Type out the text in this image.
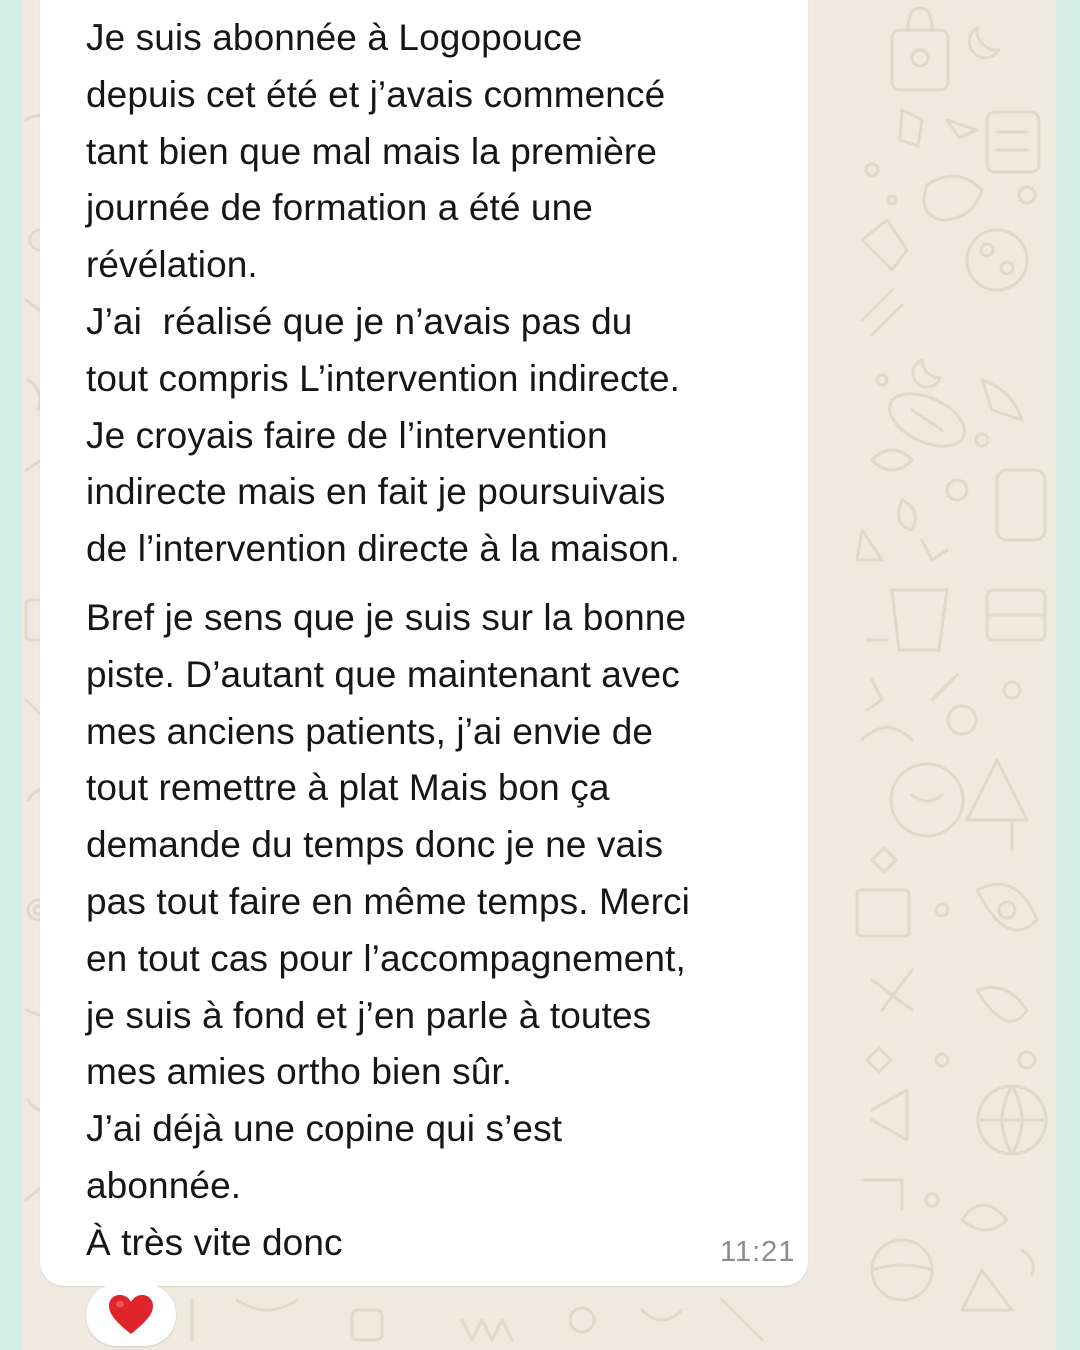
Je suis abonnée à Logopouce
depuis cet été et j’avais commencé
tant bien que mal mais la première
journée de formation a été une
révélation.
J’ai  réalisé que je n’avais pas du
tout compris L’intervention indirecte.
Je croyais faire de l’intervention
indirecte mais en fait je poursuivais
de l’intervention directe à la maison.
Bref je sens que je suis sur la bonne
piste. D’autant que maintenant avec
mes anciens patients, j’ai envie de
tout remettre à plat Mais bon ça
demande du temps donc je ne vais
pas tout faire en même temps. Merci
en tout cas pour l’accompagnement,
je suis à fond et j’en parle à toutes
mes amies ortho bien sûr.
J’ai déjà une copine qui s’est
abonnée.
À très vite donc	11:21
